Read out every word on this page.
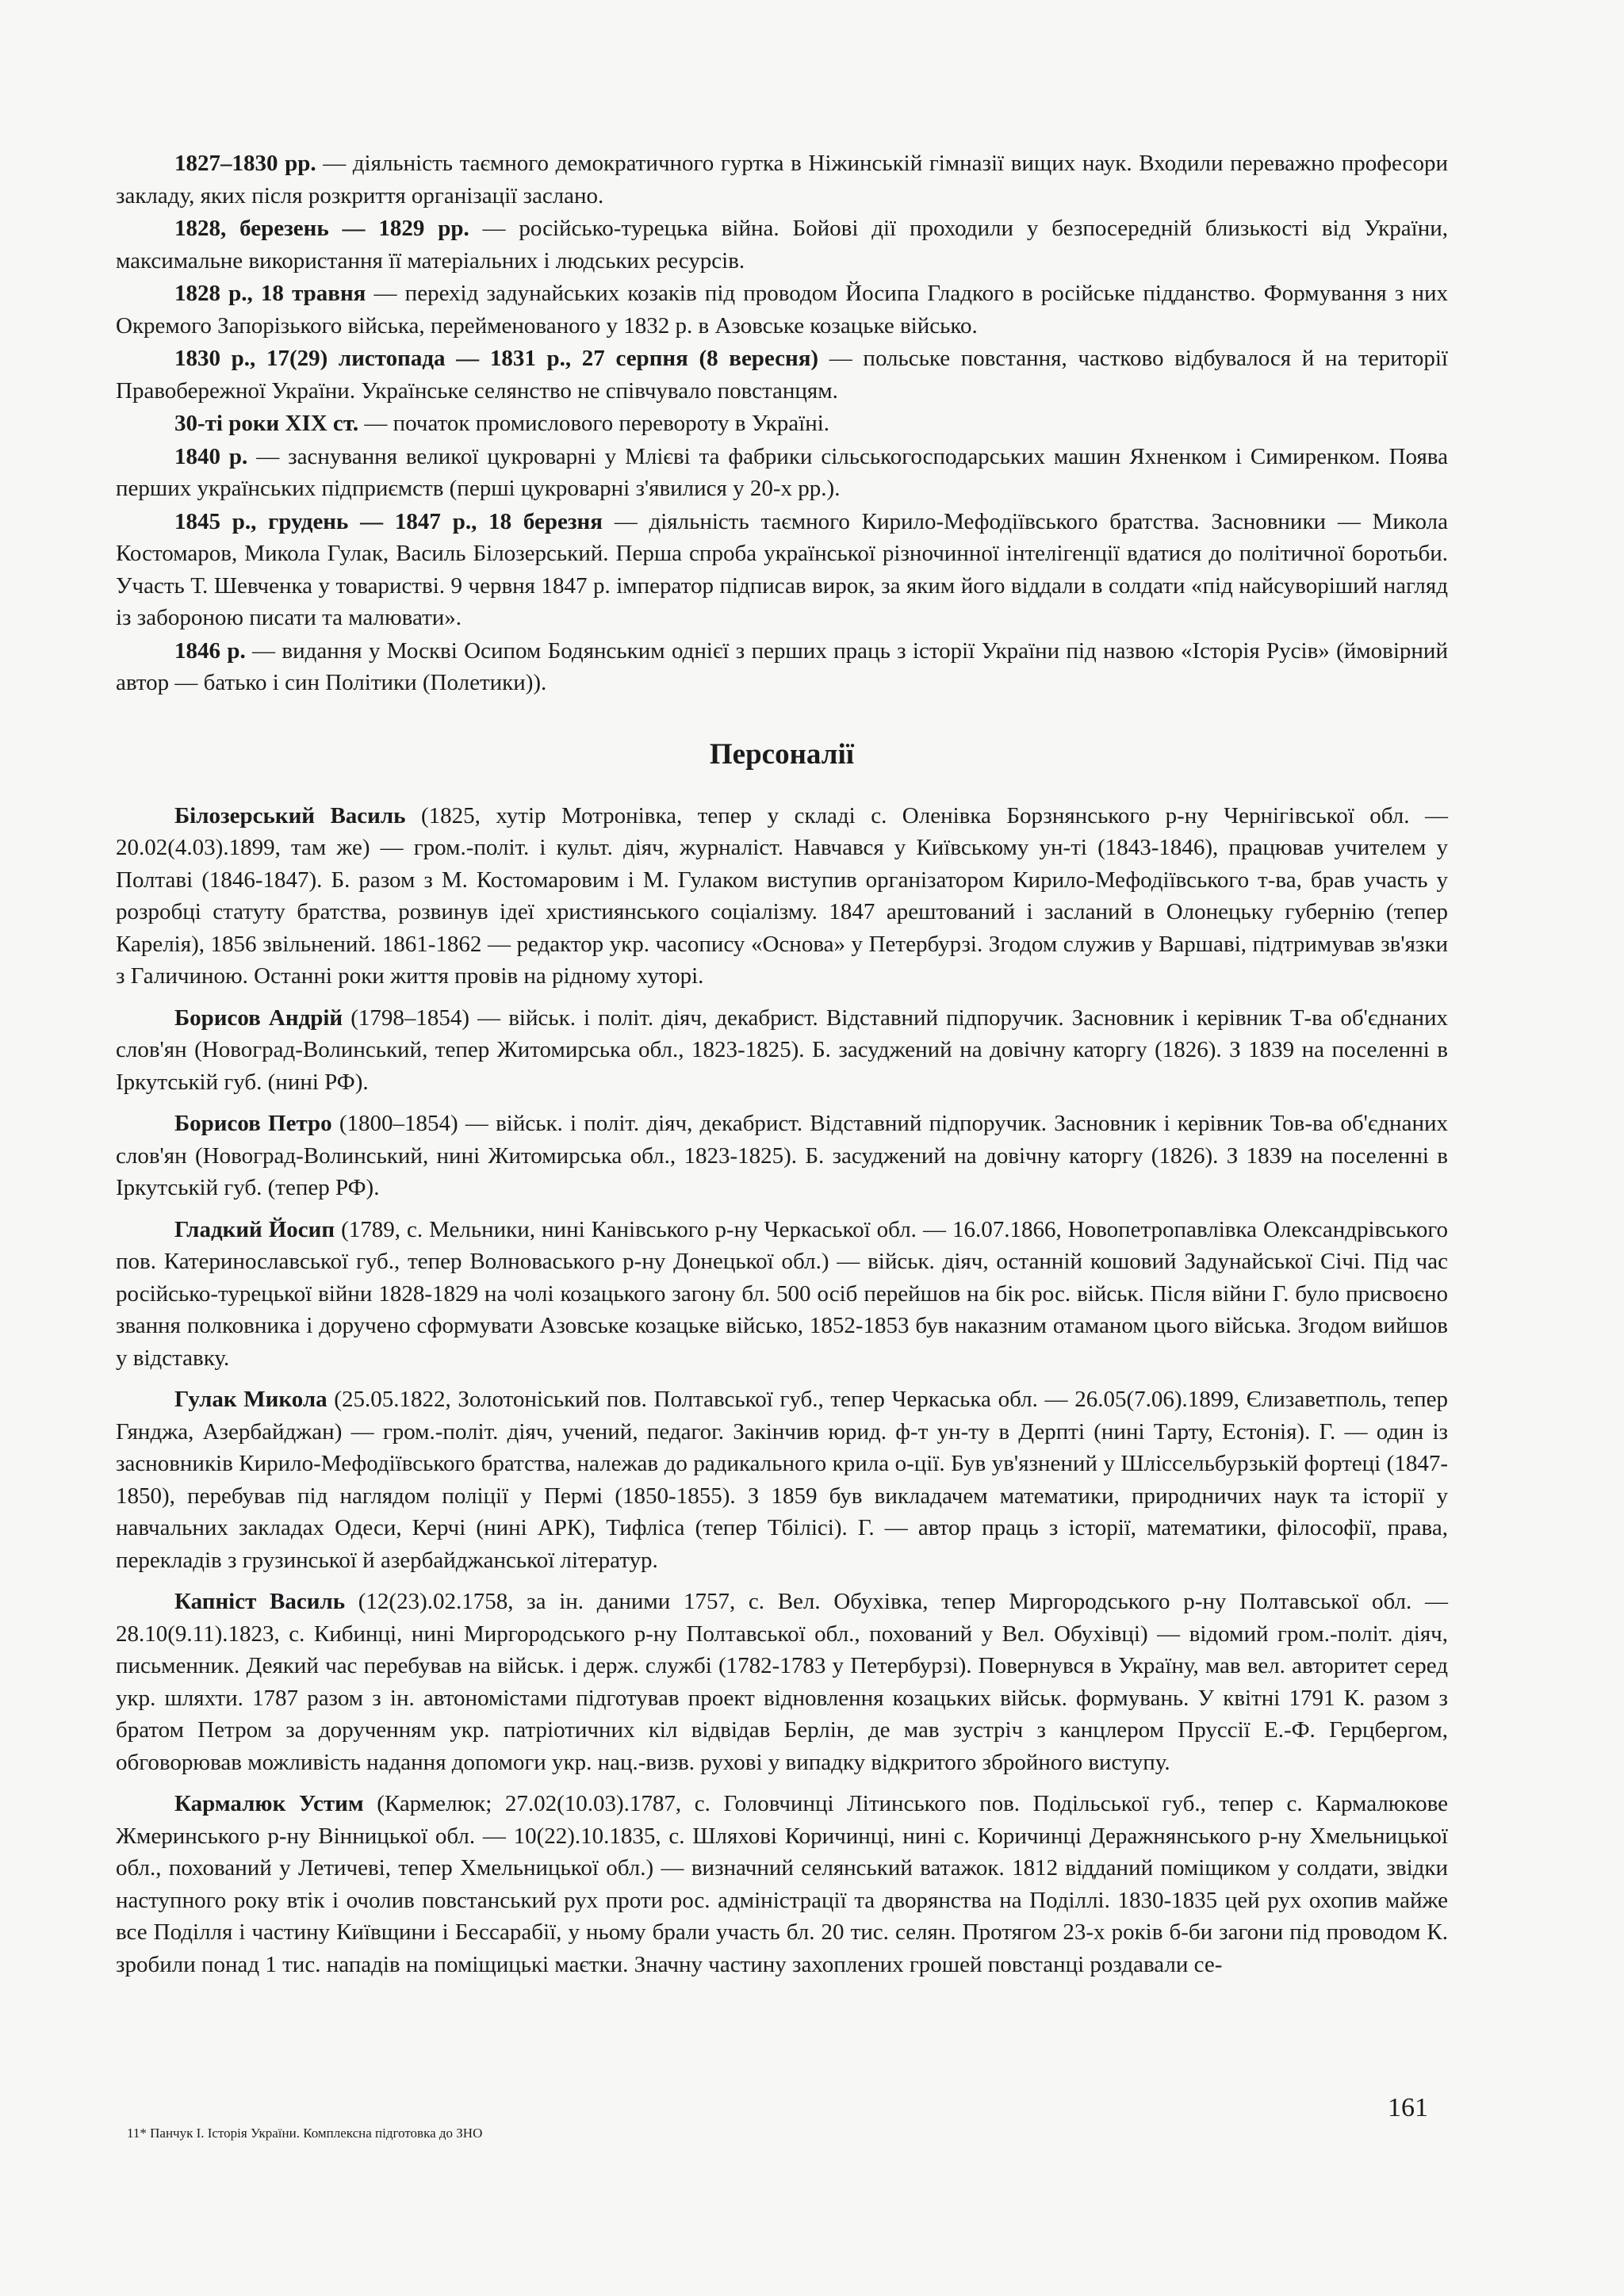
1827–1830 рр. — діяльність таємного демократичного гуртка в Ніжинській гімназії вищих наук. Входили переважно професори закладу, яких після розкриття організації заслано.

1828, березень — 1829 рр. — російсько-турецька війна. Бойові дії проходили у безпосередній близькості від України, максимальне використання її матеріальних і людських ресурсів.

1828 р., 18 травня — перехід задунайських козаків під проводом Йосипа Гладкого в російське підданство. Формування з них Окремого Запорізького війська, перейменованого у 1832 р. в Азовське козацьке військо.

1830 р., 17(29) листопада — 1831 р., 27 серпня (8 вересня) — польське повстання, частково відбувалося й на території Правобережної України. Українське селянство не співчувало повстанцям.

30-ті роки XIX ст. — початок промислового перевороту в Україні.

1840 р. — заснування великої цукроварні у Млієві та фабрики сільськогосподарських машин Яхненком і Симиренком. Поява перших українських підприємств (перші цукроварні з'явилися у 20-х рр.).

1845 р., грудень — 1847 р., 18 березня — діяльність таємного Кирило-Мефодіївського братства. Засновники — Микола Костомаров, Микола Гулак, Василь Білозерський. Перша спроба української різночинної інтелігенції вдатися до політичної боротьби. Участь Т. Шевченка у товаристві. 9 червня 1847 р. імператор підписав вирок, за яким його віддали в солдати «під найсуворіший нагляд із забороною писати та малювати».

1846 р. — видання у Москві Осипом Бодянським однієї з перших праць з історії України під назвою «Історія Русів» (ймовірний автор — батько і син Політики (Полетики)).

Персоналії

Білозерський Василь (1825, хутір Мотронівка, тепер у складі с. Оленівка Борзнянського р-ну Чернігівської обл. — 20.02(4.03).1899, там же) — гром.-політ. і культ. діяч, журналіст. Навчався у Київському ун-ті (1843-1846), працював учителем у Полтаві (1846-1847). Б. разом з М. Костомаровим і М. Гулаком виступив організатором Кирило-Мефодіївського т-ва, брав участь у розробці статуту братства, розвинув ідеї християнського соціалізму. 1847 арештований і засланий в Олонецьку губернію (тепер Карелія), 1856 звільнений. 1861-1862 — редактор укр. часопису «Основа» у Петербурзі. Згодом служив у Варшаві, підтримував зв'язки з Галичиною. Останні роки життя провів на рідному хуторі.

Борисов Андрій (1798–1854) — військ. і політ. діяч, декабрист. Відставний підпоручик. Засновник і керівник Т-ва об'єднаних слов'ян (Новоград-Волинський, тепер Житомирська обл., 1823-1825). Б. засуджений на довічну каторгу (1826). З 1839 на поселенні в Іркутській губ. (нині РФ).

Борисов Петро (1800–1854) — військ. і політ. діяч, декабрист. Відставний підпоручик. Засновник і керівник Тов-ва об'єднаних слов'ян (Новоград-Волинський, нині Житомирська обл., 1823-1825). Б. засуджений на довічну каторгу (1826). З 1839 на поселенні в Іркутській губ. (тепер РФ).

Гладкий Йосип (1789, с. Мельники, нині Канівського р-ну Черкаської обл. — 16.07.1866, Новопетропавлівка Олександрівського пов. Катеринославської губ., тепер Волноваського р-ну Донецької обл.) — військ. діяч, останній кошовий Задунайської Січі. Під час російсько-турецької війни 1828-1829 на чолі козацького загону бл. 500 осіб перейшов на бік рос. військ. Після війни Г. було присвоєно звання полковника і доручено сформувати Азовське козацьке військо, 1852-1853 був наказним отаманом цього війська. Згодом вийшов у відставку.

Гулак Микола (25.05.1822, Золотоніський пов. Полтавської губ., тепер Черкаська обл. — 26.05(7.06).1899, Єлизаветполь, тепер Гянджа, Азербайджан) — гром.-політ. діяч, учений, педагог. Закінчив юрид. ф-т ун-ту в Дерпті (нині Тарту, Естонія). Г. — один із засновників Кирило-Мефодіївського братства, належав до радикального крила о-ції. Був ув'язнений у Шліссельбурзькій фортеці (1847-1850), перебував під наглядом поліції у Пермі (1850-1855). З 1859 був викладачем математики, природничих наук та історії у навчальних закладах Одеси, Керчі (нині АРК), Тифліса (тепер Тбілісі). Г. — автор праць з історії, математики, філософії, права, перекладів з грузинської й азербайджанської літератур.

Капніст Василь (12(23).02.1758, за ін. даними 1757, с. Вел. Обухівка, тепер Миргородського р-ну Полтавської обл. — 28.10(9.11).1823, с. Кибинці, нині Миргородського р-ну Полтавської обл., похований у Вел. Обухівці) — відомий гром.-політ. діяч, письменник. Деякий час перебував на військ. і держ. службі (1782-1783 у Петербурзі). Повернувся в Україну, мав вел. авторитет серед укр. шляхти. 1787 разом з ін. автономістами підготував проект відновлення козацьких військ. формувань. У квітні 1791 К. разом з братом Петром за дорученням укр. патріотичних кіл відвідав Берлін, де мав зустріч з канцлером Пруссії Е.-Ф. Герцбергом, обговорював можливість надання допомоги укр. нац.-визв. рухові у випадку відкритого збройного виступу.

Кармалюк Устим (Кармелюк; 27.02(10.03).1787, с. Головчинці Літинського пов. Подільської губ., тепер с. Кармалюкове Жмеринського р-ну Вінницької обл. — 10(22).10.1835, с. Шляхові Коричинці, нині с. Коричинці Деражнянського р-ну Хмельницької обл., похований у Летичеві, тепер Хмельницької обл.) — визначний селянський ватажок. 1812 відданий поміщиком у солдати, звідки наступного року втік і очолив повстанський рух проти рос. адміністрації та дворянства на Поділлі. 1830-1835 цей рух охопив майже все Поділля і частину Київщини і Бессарабії, у ньому брали участь бл. 20 тис. селян. Протягом 23-х років б-би загони під проводом К. зробили понад 1 тис. нападів на поміщицькі маєтки. Значну частину захоплених грошей повстанці роздавали се-

161
11* Панчук І. Історія України. Комплексна підготовка до ЗНО
